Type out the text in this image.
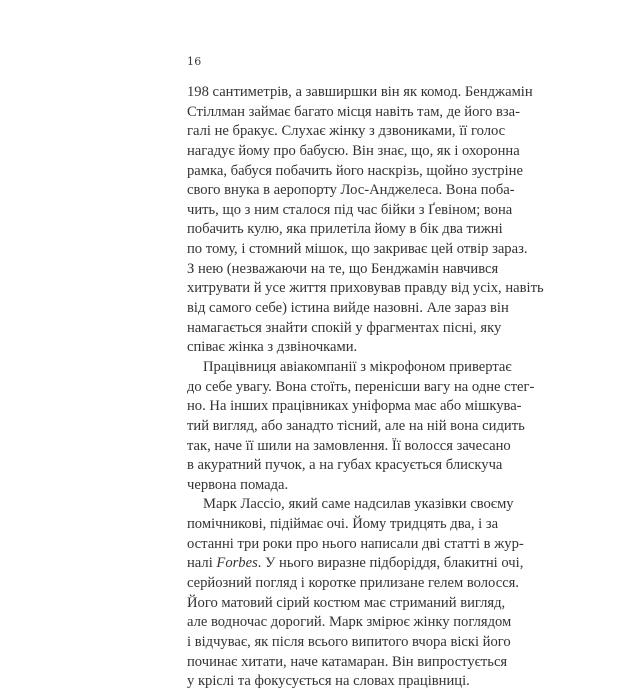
16
198 сантиметрів, а завширшки він як комод. Бенджамін
Стіллман займає багато місця навіть там, де його вза-
галі не бракує. Слухає жінку з дзвониками, її голос
нагадує йому про бабусю. Він знає, що, як і охоронна
рамка, бабуся побачить його наскрізь, щойно зустріне
свого внука в аеропорту Лос-Анджелеса. Вона поба-
чить, що з ним сталося під час бійки з Ґевіном; вона
побачить кулю, яка прилетіла йому в бік два тижні
по тому, і стомний мішок, що закриває цей отвір зараз.
З нею (незважаючи на те, що Бенджамін навчився
хитрувати й усе життя приховував правду від усіх, навіть
від самого себе) істина вийде назовні. Але зараз він
намагається знайти спокій у фрагментах пісні, яку
співає жінка з дзвіночками.
Працівниця авіакомпанії з мікрофоном привертає
до себе увагу. Вона стоїть, перенісши вагу на одне стег-
но. На інших працівниках уніформа має або мішкува-
тий вигляд, або занадто тісний, але на ній вона сидить
так, наче її шили на замовлення. Її волосся зачесано
в акуратний пучок, а на губах красується блискуча
червона помада.
Марк Лассіо, який саме надсилав указівки своєму
помічникові, підіймає очі. Йому тридцять два, і за
останні три роки про нього написали дві статті в жур-
налі Forbes. У нього виразне підборіддя, блакитні очі,
серйозний погляд і коротке прилизане гелем волосся.
Його матовий сірий костюм має стриманий вигляд,
але водночас дорогий. Марк змірює жінку поглядом
і відчуває, як після всього випитого вчора віскі його
починає хитати, наче катамаран. Він випростується
у кріслі та фокусується на словах працівниці.
